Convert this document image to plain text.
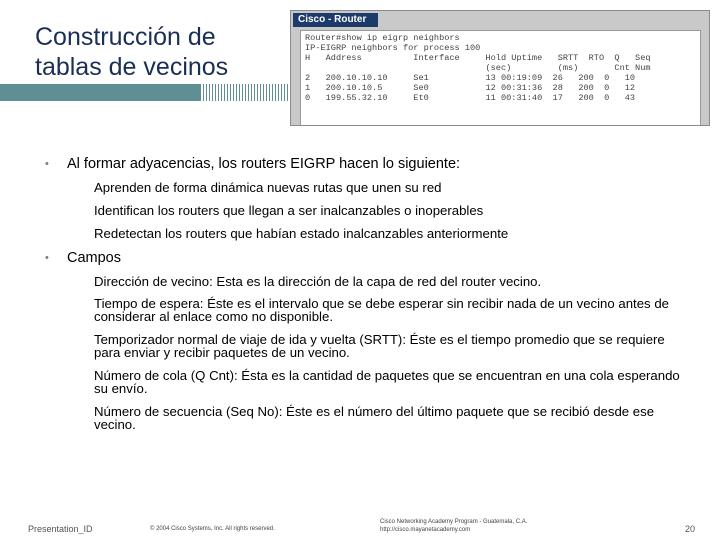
Construcción de
tablas de vecinos
Cisco - Router
Router#show ip eigrp neighbors
IP-EIGRP neighbors for process 100
H   Address          Interface     Hold Uptime   SRTT  RTO  Q   Seq
(sec)         (ms)       Cnt Num
2   200.10.10.10     Se1           13 00:19:09  26   200  0   10
1   200.10.10.5      Se0           12 00:31:36  28   200  0   12
0   199.55.32.10     Et0           11 00:31:40  17   200  0   43
• Al formar adyacencias, los routers EIGRP hacen lo siguiente:
Aprenden de forma dinámica nuevas rutas que unen su red
Identifican los routers que llegan a ser inalcanzables o inoperables
Redetectan los routers que habían estado inalcanzables anteriormente
• Campos
Dirección de vecino: Esta es la dirección de la capa de red del router vecino.
Tiempo de espera: Éste es el intervalo que se debe esperar sin recibir nada de un vecino antes de considerar al enlace como no disponible.
Temporizador normal de viaje de ida y vuelta (SRTT): Éste es el tiempo promedio que se requiere para enviar y recibir paquetes de un vecino.
Número de cola (Q Cnt): Ésta es la cantidad de paquetes que se encuentran en una cola esperando su envío.
Número de secuencia (Seq No): Éste es el número del último paquete que se recibió desde ese vecino.
Presentation_ID	© 2004 Cisco Systems, Inc. All rights reserved.
Cisco Networking Academy Program - Guatemala, C.A.
http://cisco.mayanetacademy.com	20
